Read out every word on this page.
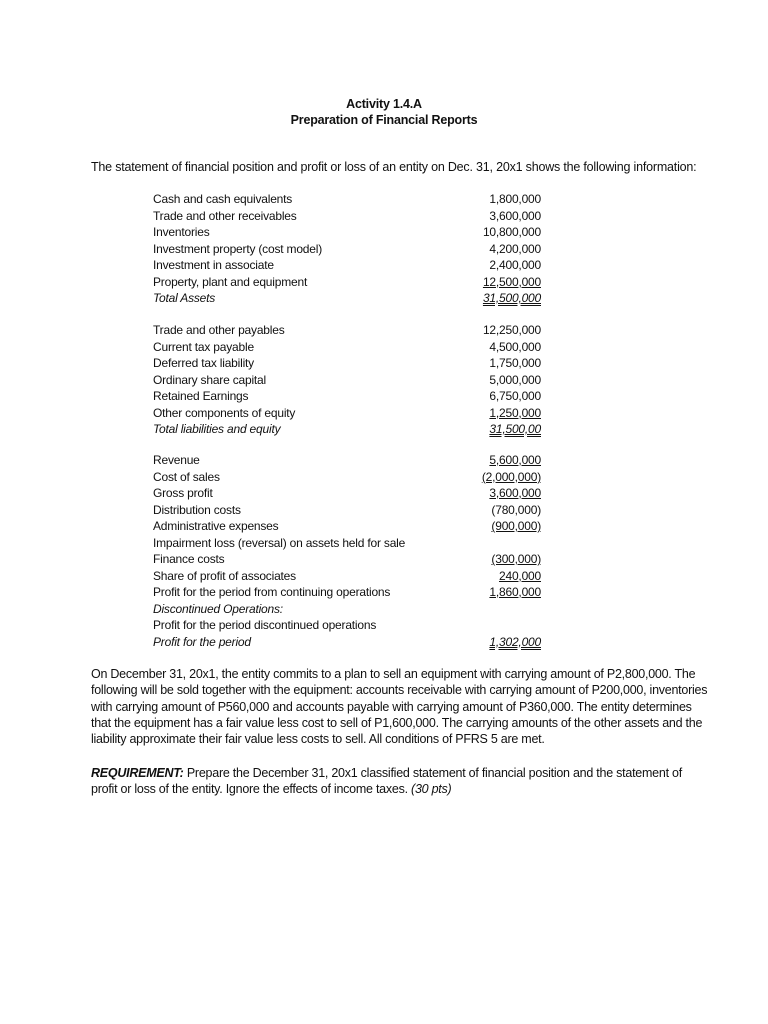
Activity 1.4.A
Preparation of Financial Reports
The statement of financial position and profit or loss of an entity on Dec. 31, 20x1 shows the following information:
Cash and cash equivalents	1,800,000
Trade and other receivables	3,600,000
Inventories	10,800,000
Investment property (cost model)	4,200,000
Investment in associate	2,400,000
Property, plant and equipment	12,500,000
Total Assets	31,500,000
Trade and other payables	12,250,000
Current tax payable	4,500,000
Deferred tax liability	1,750,000
Ordinary share capital	5,000,000
Retained Earnings	6,750,000
Other components of equity	1,250,000
Total liabilities and equity	31,500,00
Revenue	5,600,000
Cost of sales	(2,000,000)
Gross profit	3,600,000
Distribution costs	(780,000)
Administrative expenses	(900,000)
Impairment loss (reversal) on assets held for sale
Finance costs	(300,000)
Share of profit of associates	240,000
Profit for the period from continuing operations	1,860,000
Discontinued Operations:
Profit for the period discontinued operations
Profit for the period	1,302,000

On December 31, 20x1, the entity commits to a plan to sell an equipment with carrying amount of P2,800,000. The

following will be sold together with the equipment: accounts receivable with carrying amount of P200,000, inventories

with carrying amount of P560,000 and accounts payable with carrying amount of P360,000. The entity determines

that the equipment has a fair value less cost to sell of P1,600,000. The carrying amounts of the other assets and the

liability approximate their fair value less costs to sell. All conditions of PFRS 5 are met.

REQUIREMENT: Prepare the December 31, 20x1 classified statement of financial position and the statement of

profit or loss of the entity. Ignore the effects of income taxes. (30 pts)
